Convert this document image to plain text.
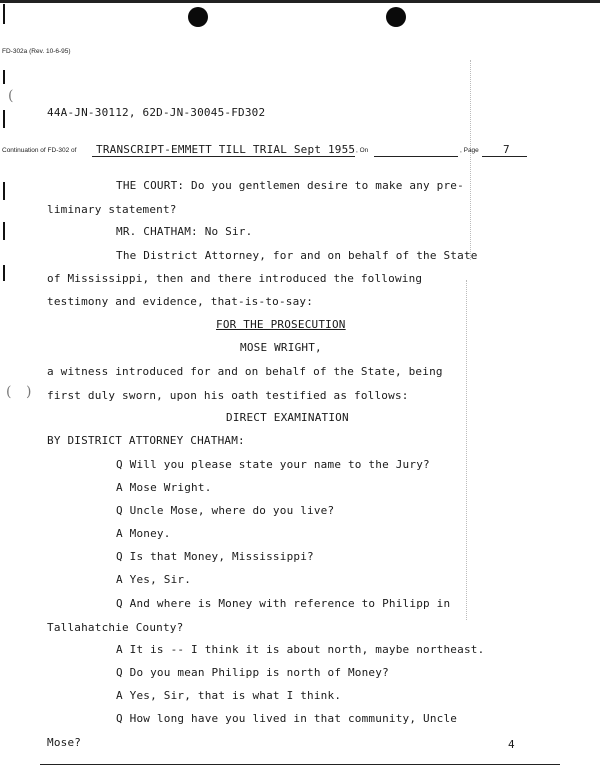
(
( )
FD-302a (Rev. 10-6-95)
44A-JN-30112, 62D-JN-30045-FD302
Continuation of FD-302 of TRANSCRIPT-EMMETT TILL TRIAL Sept 1955 , On	, Page 7
THE COURT: Do you gentlemen desire to make any pre-
liminary statement?
MR. CHATHAM: No Sir.
The District Attorney, for and on behalf of the State
of Mississippi, then and there introduced the following
testimony and evidence, that-is-to-say:
FOR THE PROSECUTION
MOSE WRIGHT,
a witness introduced for and on behalf of the State, being
first duly sworn, upon his oath testified as follows:
DIRECT EXAMINATION
BY DISTRICT ATTORNEY CHATHAM:
Q Will you please state your name to the Jury?
A Mose Wright.
Q Uncle Mose, where do you live?
A Money.
Q Is that Money, Mississippi?
A Yes, Sir.
Q And where is Money with reference to Philipp in
Tallahatchie County?
A It is -- I think it is about north, maybe northeast.
Q Do you mean Philipp is north of Money?
A Yes, Sir, that is what I think.
Q How long have you lived in that community, Uncle
Mose?	4
